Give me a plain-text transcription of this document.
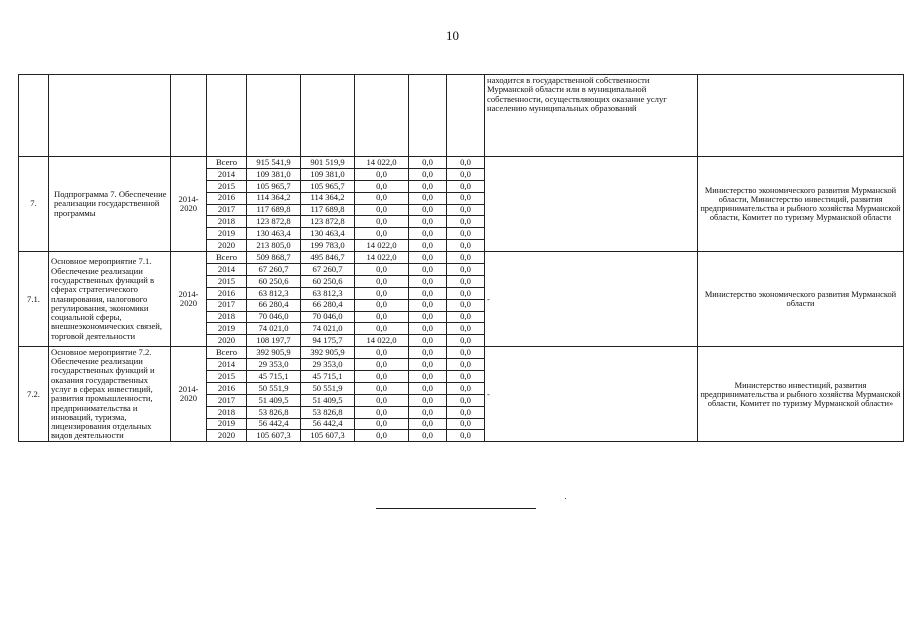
10
									находится в государственной собственности Мурманской области или в муниципальной собственности, осуществляющих оказание услуг населению муниципальных образований	
7.	Подпрограмма 7. Обеспечение реализации государственной программы	2014-2020	Всего	915 541,9	901 519,9	14 022,0	0,0	0,0		Министерство экономического развития Мурманской области, Министерство инвестиций, развития предпринимательства и рыбного хозяйства Мурманской области, Комитет по туризму Мурманской области
			2014	109 381,0	109 381,0	0,0	0,0	0,0		
			2015	105 965,7	105 965,7	0,0	0,0	0,0		
			2016	114 364,2	114 364,2	0,0	0,0	0,0		
			2017	117 689,8	117 689,8	0,0	0,0	0,0		
			2018	123 872,8	123 872,8	0,0	0,0	0,0		
			2019	130 463,4	130 463,4	0,0	0,0	0,0		
			2020	213 805,0	199 783,0	14 022,0	0,0	0,0		
7.1.	Основное мероприятие 7.1. Обеспечение реализации государственных функций в сферах стратегического планирования, налогового регулирования, экономики социальной сферы, внешнеэкономических связей, торговой деятельности	2014-2020	Всего	509 868,7	495 846,7	14 022,0	0,0	0,0	-	Министерство экономического развития Мурманской области
			2014	67 260,7	67 260,7	0,0	0,0	0,0		
			2015	60 250,6	60 250,6	0,0	0,0	0,0		
			2016	63 812,3	63 812,3	0,0	0,0	0,0		
			2017	66 280,4	66 280,4	0,0	0,0	0,0		
			2018	70 046,0	70 046,0	0,0	0,0	0,0		
			2019	74 021,0	74 021,0	0,0	0,0	0,0		
			2020	108 197,7	94 175,7	14 022,0	0,0	0,0		
7.2.	Основное мероприятие 7.2. Обеспечение реализации государственных функций и оказания государственных услуг в сферах инвестиций, развития промышленности, предпринимательства и инноваций, туризма, лицензирования отдельных видов деятельности	2014-2020	Всего	392 905,9	392 905,9	0,0	0,0	0,0	-	Министерство инвестиций, развития предпринимательства и рыбного хозяйства Мурманской области, Комитет по туризму Мурманской области»
			2014	29 353,0	29 353,0	0,0	0,0	0,0		
			2015	45 715,1	45 715,1	0,0	0,0	0,0		
			2016	50 551,9	50 551,9	0,0	0,0	0,0		
			2017	51 409,5	51 409,5	0,0	0,0	0,0		
			2018	53 826,8	53 826,8	0,0	0,0	0,0		
			2019	56 442,4	56 442,4	0,0	0,0	0,0		
			2020	105 607,3	105 607,3	0,0	0,0	0,0		
